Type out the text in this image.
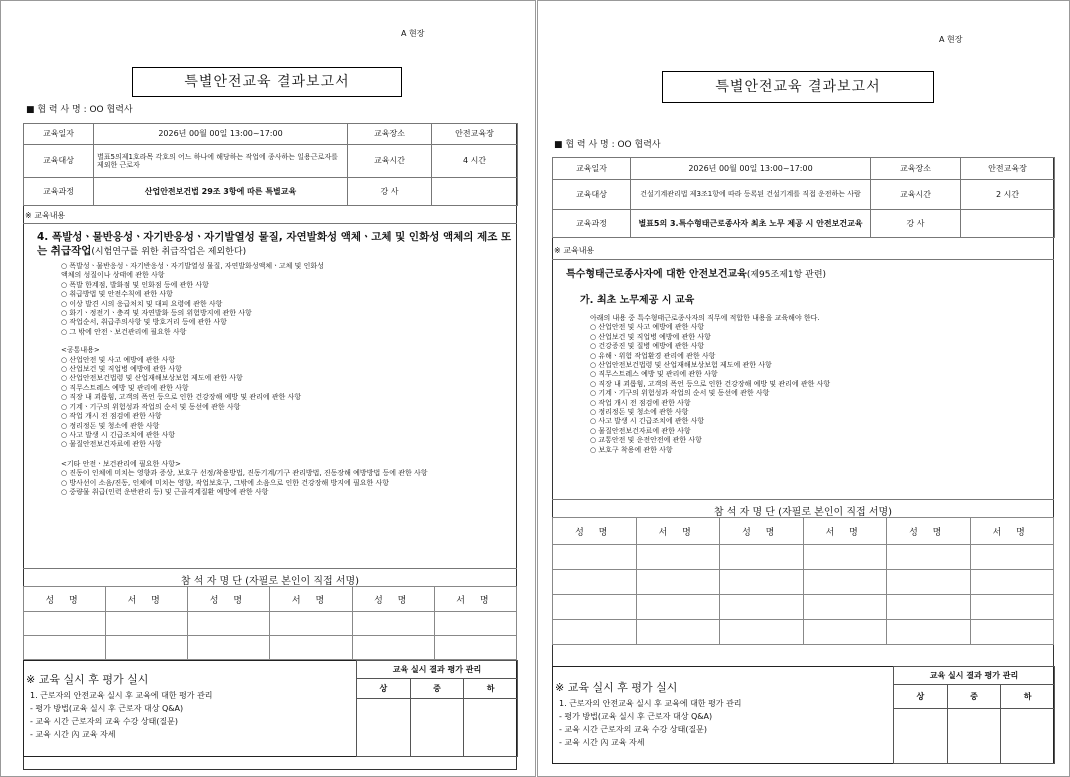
A 현장
특별안전교육 결과보고서
■ 협 력 사 명 : OO 협력사
교육일자	2026년 00월 00일 13:00~17:00	교육장소	안전교육장
교육대상	별표5의제1호라목 각호의 어느 하나에 해당하는 작업에 종사하는 일용근로자를 제외한 근로자	교육시간	4 시간
교육과정	산업안전보건법 29조 3항에 따른 특별교육	강 사	
※ 교육내용
4. 폭발성ㆍ물반응성ㆍ자기반응성ㆍ자기발열성 물질, 자연발화성 액체ㆍ고체 및 인화성 액체의 제조 또는 취급작업(시험연구를 위한 취급작업은 제외한다)
○ 폭발성ㆍ물반응성ㆍ자기반응성ㆍ자기발열성 물질, 자연발화성액체ㆍ고체 및 인화성
액체의 성질이나 상태에 관한 사항
○ 폭발 한계점, 발화점 및 인화점 등에 관한 사항
○ 취급방법 및 안전수칙에 관한 사항
○ 이상 발견 시의 응급처치 및 대피 요령에 관한 사항
○ 화기ㆍ정전기ㆍ충격 및 자연발화 등의 위험방지에 관한 사항
○ 작업순서, 취급주의사항 및 방호거리 등에 관한 사항
○ 그 밖에 안전ㆍ보건관리에 필요한 사항
<공통내용>
○ 산업안전 및 사고 예방에 관한 사항
○ 산업보건 및 직업병 예방에 관한 사항
○ 산업안전보건법령 및 산업재해보상보험 제도에 관한 사항
○ 직무스트레스 예방 및 관리에 관한 사항
○ 직장 내 괴롭힘, 고객의 폭언 등으로 인한 건강장해 예방 및 관리에 관한 사항
○ 기계ㆍ기구의 위험성과 작업의 순서 및 동선에 관한 사항
○ 작업 개시 전 점검에 관한 사항
○ 정리정돈 및 청소에 관한 사항
○ 사고 발생 시 긴급조치에 관한 사항
○ 물질안전보건자료에 관한 사항
<기타 안전ㆍ보건관리에 필요한 사항>
○ 진동이 인체에 미치는 영향과 증상, 보호구 선정/착용방법, 진동기계/기구 관리방법, 진동장해 예방방법 등에 관한 사항
○ 방사선이 소음/진동, 인체에 미치는 영향, 작업보호구, 그밖에 소음으로 인한 건강장해 방지에 필요한 사항
○ 중량물 취급(인력 운반관리 등) 및 근골격계질환 예방에 관한 사항
참 석 자 명 단 (자필로 본인이 직접 서명)
성 명	서 명	성 명	서 명	성 명	서 명

※ 교육 실시 후 평가 실시
1. 근로자의 안전교육 실시 후 교육에 대한 평가 관리
- 평가 방법(교육 실시 후 근로자 대상 Q&A)
- 교육 시간 근로자의 교육 수강 상태(질문)
- 교육 시간 內 교육 자세
교육 실시 결과 평가 관리		
상	중	하

A 현장
특별안전교육 결과보고서
■ 협 력 사 명 : OO 협력사
교육일자	2026년 00월 00일 13:00~17:00	교육장소	안전교육장
교육대상	건설기계관리법 제3조1항에 따라 등록된 건설기계를 직접 운전하는 사람	교육시간	2 시간
교육과정	별표5의 3.특수형태근로종사자 최초 노무 제공 시 안전보건교육	강 사	
※ 교육내용
특수형태근로종사자에 대한 안전보건교육(제95조제1항 관련)
가. 최초 노무제공 시 교육
아래의 내용 중 특수형태근로종사자의 직무에 적합한 내용을 교육해야 한다.
○ 산업안전 및 사고 예방에 관한 사항
○ 산업보건 및 직업병 예방에 관한 사항
○ 건강증진 및 질병 예방에 관한 사항
○ 유해ㆍ위험 작업환경 관리에 관한 사항
○ 산업안전보건법령 및 산업재해보상보험 제도에 관한 사항
○ 직무스트레스 예방 및 관리에 관한 사항
○ 직장 내 괴롭힘, 고객의 폭언 등으로 인한 건강장해 예방 및 관리에 관한 사항
○ 기계ㆍ기구의 위험성과 작업의 순서 및 동선에 관한 사항
○ 작업 개시 전 점검에 관한 사항
○ 정리정돈 및 청소에 관한 사항
○ 사고 발생 시 긴급조치에 관한 사항
○ 물질안전보건자료에 관한 사항
○ 교통안전 및 운전안전에 관한 사항
○ 보호구 착용에 관한 사항
참 석 자 명 단 (자필로 본인이 직접 서명)
성 명	서 명	성 명	서 명	성 명	서 명

※ 교육 실시 후 평가 실시
1. 근로자의 안전교육 실시 후 교육에 대한 평가 관리
- 평가 방법(교육 실시 후 근로자 대상 Q&A)
- 교육 시간 근로자의 교육 수강 상태(질문)
- 교육 시간 內 교육 자세
교육 실시 결과 평가 관리		
상	중	하
